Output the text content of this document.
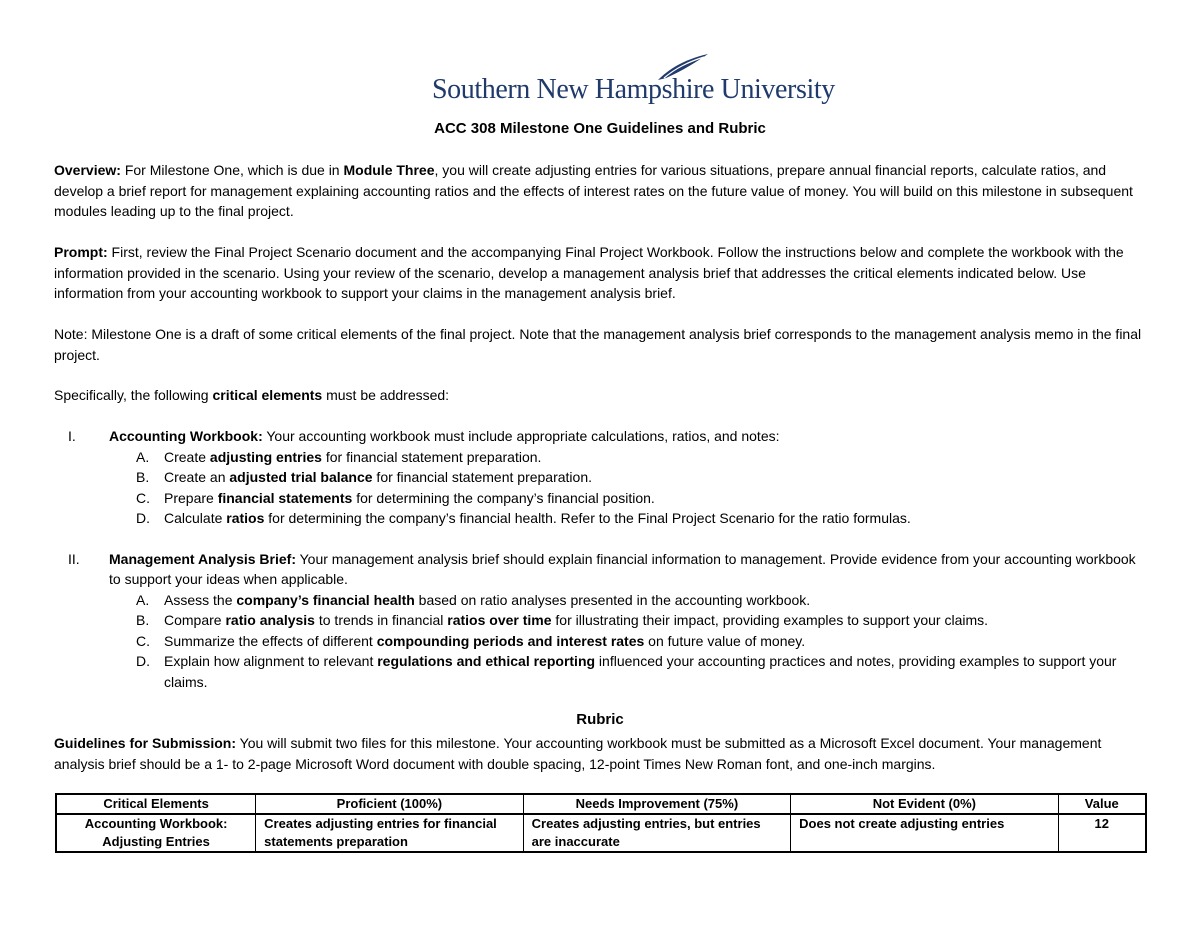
Southern New Hampshire University
ACC 308 Milestone One Guidelines and Rubric

Overview: For Milestone One, which is due in Module Three, you will create adjusting entries for various situations, prepare annual financial reports, calculate ratios, and develop a brief report for management explaining accounting ratios and the effects of interest rates on the future value of money. You will build on this milestone in subsequent modules leading up to the final project.

Prompt: First, review the Final Project Scenario document and the accompanying Final Project Workbook. Follow the instructions below and complete the workbook with the information provided in the scenario. Using your review of the scenario, develop a management analysis brief that addresses the critical elements indicated below. Use information from your accounting workbook to support your claims in the management analysis brief.

Note: Milestone One is a draft of some critical elements of the final project. Note that the management analysis brief corresponds to the management analysis memo in the final project.

Specifically, the following critical elements must be addressed:

I. Accounting Workbook: Your accounting workbook must include appropriate calculations, ratios, and notes:
A. Create adjusting entries for financial statement preparation.
B. Create an adjusted trial balance for financial statement preparation.
C. Prepare financial statements for determining the company’s financial position.
D. Calculate ratios for determining the company’s financial health. Refer to the Final Project Scenario for the ratio formulas.
II. Management Analysis Brief: Your management analysis brief should explain financial information to management. Provide evidence from your accounting workbook to support your ideas when applicable.
A. Assess the company’s financial health based on ratio analyses presented in the accounting workbook.
B. Compare ratio analysis to trends in financial ratios over time for illustrating their impact, providing examples to support your claims.
C. Summarize the effects of different compounding periods and interest rates on future value of money.
D. Explain how alignment to relevant regulations and ethical reporting influenced your accounting practices and notes, providing examples to support your claims.
Rubric

Guidelines for Submission: You will submit two files for this milestone. Your accounting workbook must be submitted as a Microsoft Excel document. Your management analysis brief should be a 1- to 2-page Microsoft Word document with double spacing, 12-point Times New Roman font, and one-inch margins.

Critical Elements	Proficient (100%)	Needs Improvement (75%)	Not Evident (0%)	Value
Accounting Workbook:
Adjusting Entries	Creates adjusting entries for financial statements preparation	Creates adjusting entries, but entries are inaccurate	Does not create adjusting entries	12
